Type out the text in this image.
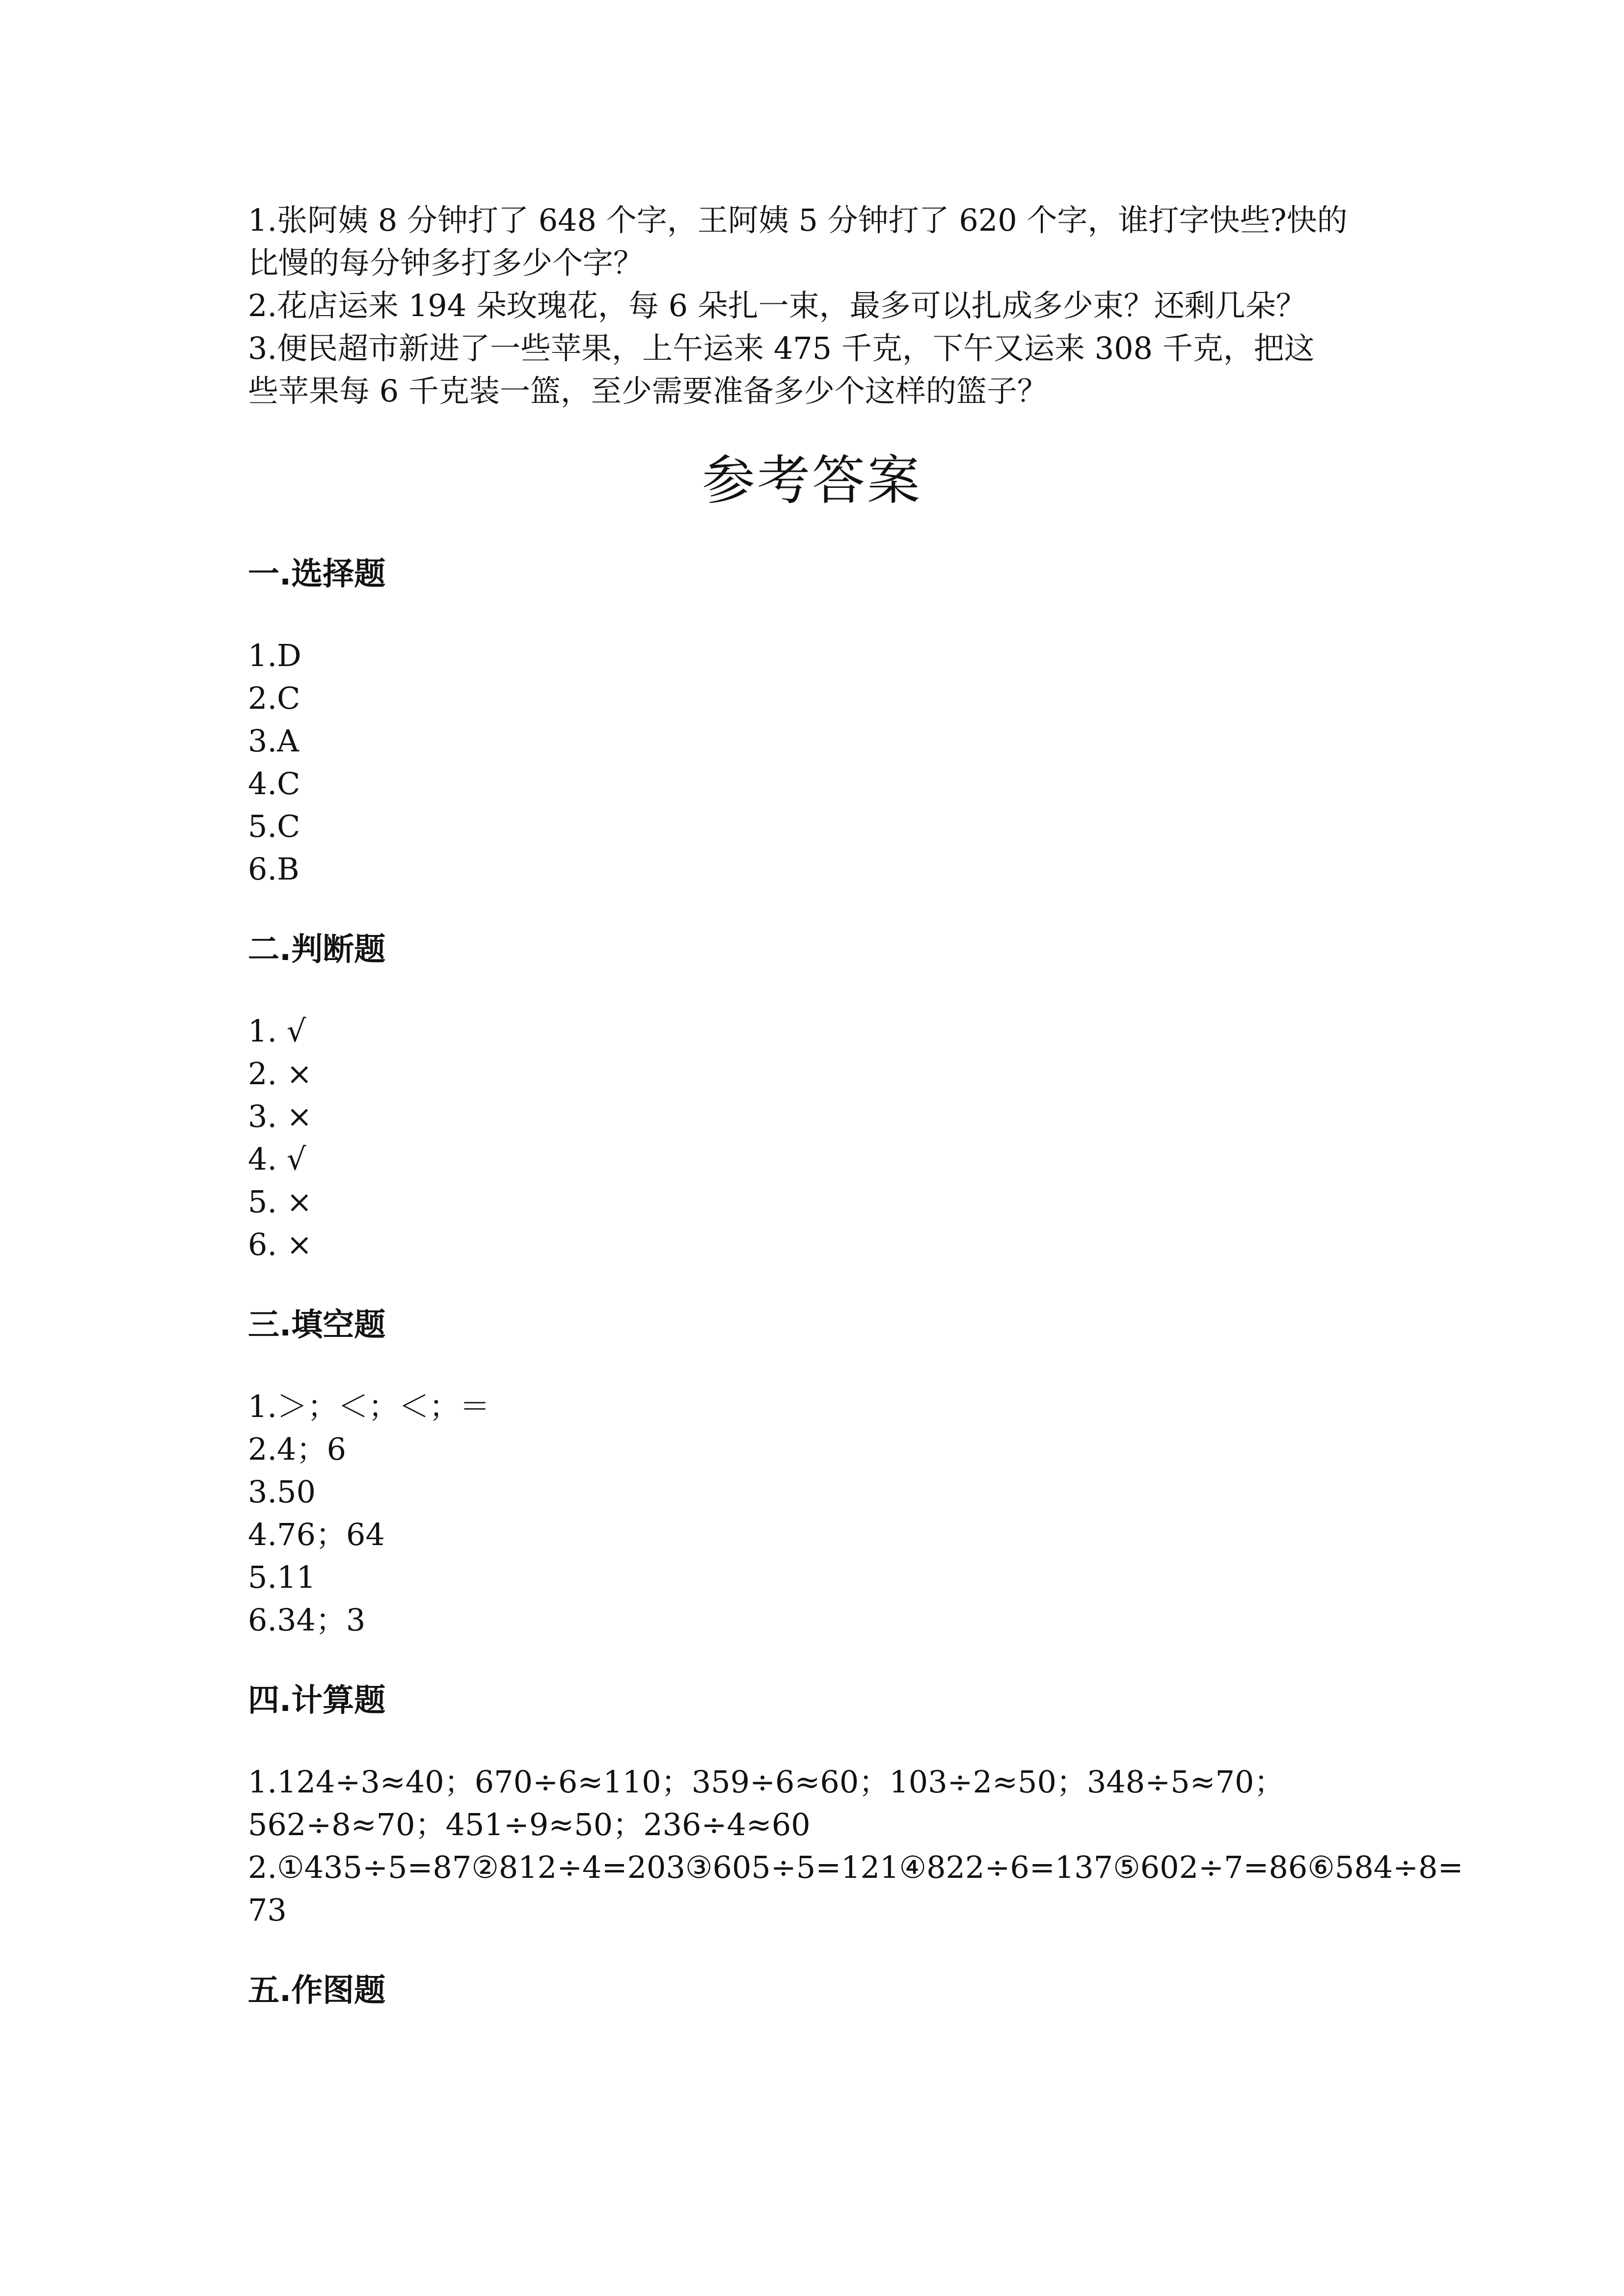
1.张阿姨 8 分钟打了 648 个字，王阿姨 5 分钟打了 620 个字，谁打字快些?快的
比慢的每分钟多打多少个字？
2.花店运来 194 朵玫瑰花，每 6 朵扎一束，最多可以扎成多少束？还剩几朵？
3.便民超市新进了一些苹果，上午运来 475 千克，下午又运来 308 千克，把这
些苹果每 6 千克装一篮，至少需要准备多少个这样的篮子？
参考答案
一.选择题
1.D
2.C
3.A
4.C
5.C
6.B
二.判断题
1. √
2. ×
3. ×
4. √
5. ×
6. ×
三.填空题
1.＞；＜；＜；＝
2.4；6
3.50
4.76；64
5.11
6.34；3
四.计算题
1.124÷3≈40；670÷6≈110；359÷6≈60；103÷2≈50；348÷5≈70；
562÷8≈70；451÷9≈50；236÷4≈60
2.①435÷5=87②812÷4=203③605÷5=121④822÷6=137⑤602÷7=86⑥584÷8=
73
五.作图题
